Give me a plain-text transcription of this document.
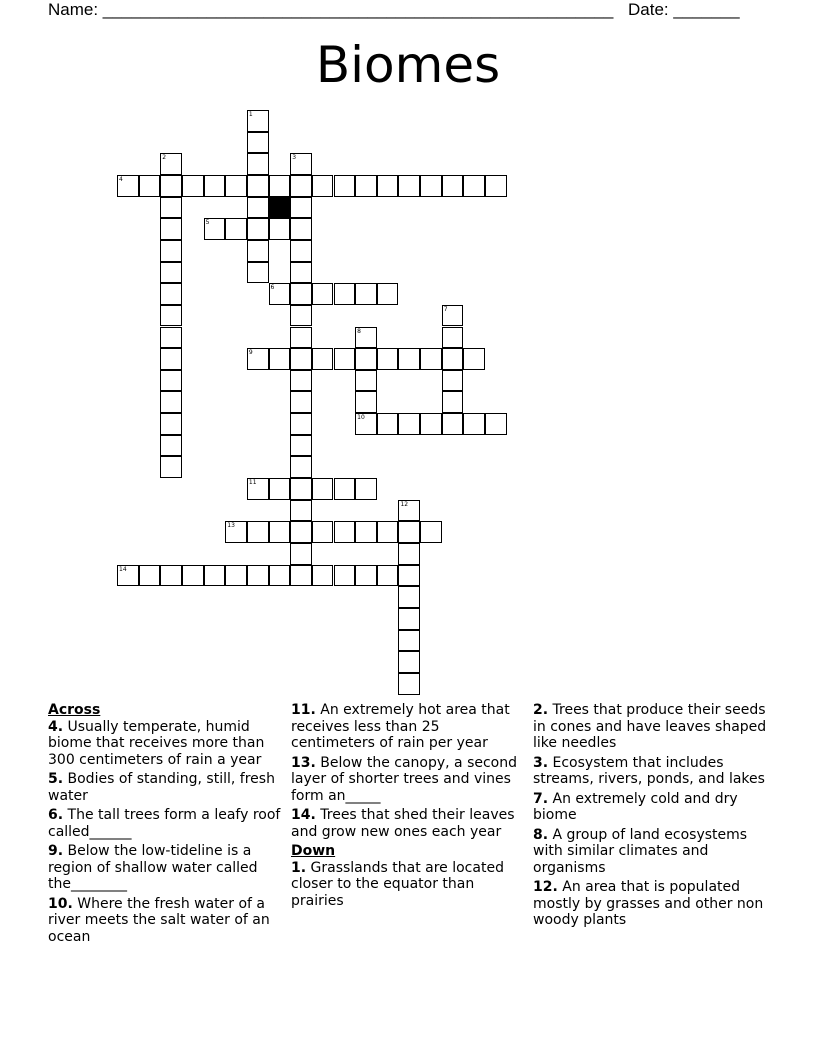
Name: ______________________________________________________ Date: _______
Biomes
1
2	3
4
5
6
7
8
10
9
11
12
13
14
Across
4. Usually temperate, humid biome that receives more than 300 centimeters of rain a year
5. Bodies of standing, still, fresh water
6. The tall trees form a leafy roof called______
9. Below the low-tideline is a region of shallow water called the________
10. Where the fresh water of a river meets the salt water of an ocean
11. An extremely hot area that receives less than 25 centimeters of rain per year
13. Below the canopy, a second layer of shorter trees and vines form an_____
14. Trees that shed their leaves and grow new ones each year
Down
1. Grasslands that are located closer to the equator than prairies
2. Trees that produce their seeds in cones and have leaves shaped like needles
3. Ecosystem that includes streams, rivers, ponds, and lakes
7. An extremely cold and dry biome
8. A group of land ecosystems with similar climates and organisms
12. An area that is populated mostly by grasses and other non woody plants
